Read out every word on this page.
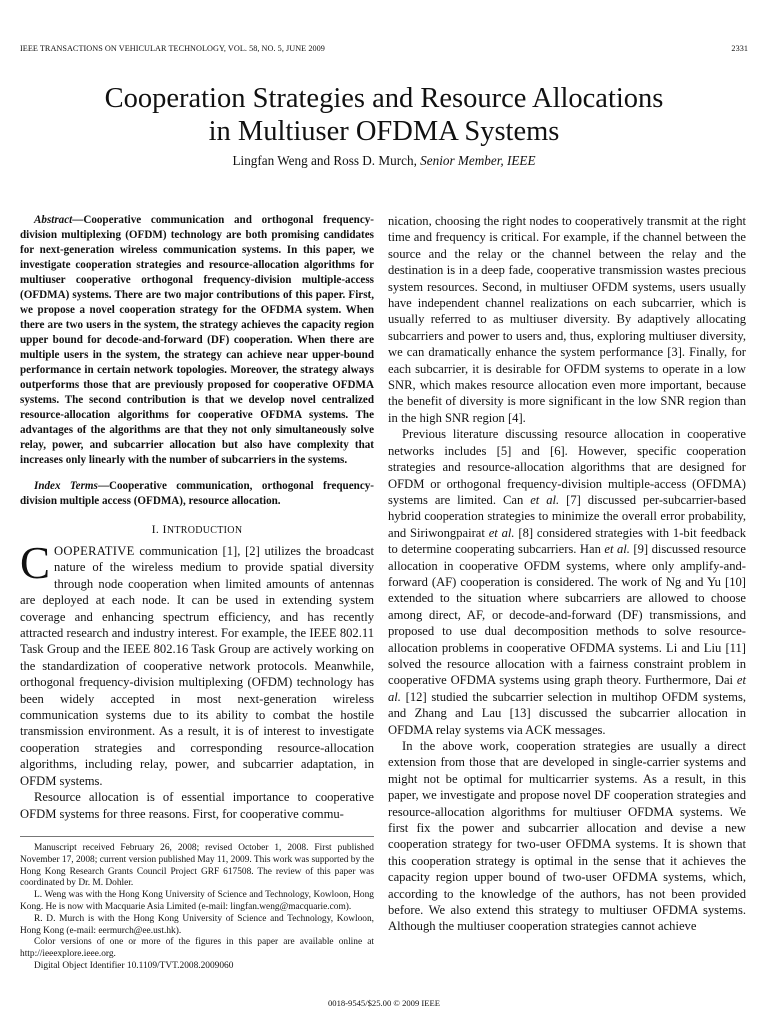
IEEE TRANSACTIONS ON VEHICULAR TECHNOLOGY, VOL. 58, NO. 5, JUNE 2009	2331
Cooperation Strategies and Resource Allocations
in Multiuser OFDMA Systems
Lingfan Weng and Ross D. Murch, Senior Member, IEEE

Abstract—Cooperative communication and orthogonal frequency-division multiplexing (OFDM) technology are both promising candidates for next-generation wireless communication systems. In this paper, we investigate cooperation strategies and resource-allocation algorithms for multiuser cooperative orthogonal frequency-division multiple-access (OFDMA) systems. There are two major contributions of this paper. First, we propose a novel cooperation strategy for the OFDMA system. When there are two users in the system, the strategy achieves the capacity region upper bound for decode-and-forward (DF) cooperation. When there are multiple users in the system, the strategy can achieve near upper-bound performance in certain network topologies. Moreover, the strategy always outperforms those that are previously proposed for cooperative OFDMA systems. The second contribution is that we develop novel centralized resource-allocation algorithms for cooperative OFDMA systems. The advantages of the algorithms are that they not only simultaneously solve relay, power, and subcarrier allocation but also have complexity that increases only linearly with the number of subcarriers in the systems.

Index Terms—Cooperative communication, orthogonal frequency-division multiple access (OFDMA), resource allocation.

I. INTRODUCTION

COOPERATIVE communication [1], [2] utilizes the broadcast nature of the wireless medium to provide spatial diversity through node cooperation when limited amounts of antennas are deployed at each node. It can be used in extending system coverage and enhancing spectrum efficiency, and has recently attracted research and industry interest. For example, the IEEE 802.11 Task Group and the IEEE 802.16 Task Group are actively working on the standardization of cooperative network protocols. Meanwhile, orthogonal frequency-division multiplexing (OFDM) technology has been widely accepted in most next-generation wireless communication systems due to its ability to combat the hostile transmission environment. As a result, it is of interest to investigate cooperation strategies and corresponding resource-allocation algorithms, including relay, power, and subcarrier adaptation, in OFDM systems.

Resource allocation is of essential importance to cooperative OFDM systems for three reasons. First, for cooperative commu-

Manuscript received February 26, 2008; revised October 1, 2008. First published November 17, 2008; current version published May 11, 2009. This work was supported by the Hong Kong Research Grants Council Project GRF 617508. The review of this paper was coordinated by Dr. M. Dohler.

L. Weng was with the Hong Kong University of Science and Technology, Kowloon, Hong Kong. He is now with Macquarie Asia Limited (e-mail: lingfan.weng@macquarie.com).

R. D. Murch is with the Hong Kong University of Science and Technology, Kowloon, Hong Kong (e-mail: eermurch@ee.ust.hk).

Color versions of one or more of the figures in this paper are available online at http://ieeexplore.ieee.org.

Digital Object Identifier 10.1109/TVT.2008.2009060

nication, choosing the right nodes to cooperatively transmit at the right time and frequency is critical. For example, if the channel between the source and the relay or the channel between the relay and the destination is in a deep fade, cooperative transmission wastes precious system resources. Second, in multiuser OFDM systems, users usually have independent channel realizations on each subcarrier, which is usually referred to as multiuser diversity. By adaptively allocating subcarriers and power to users and, thus, exploring multiuser diversity, we can dramatically enhance the system performance [3]. Finally, for each subcarrier, it is desirable for OFDM systems to operate in a low SNR, which makes resource allocation even more important, because the benefit of diversity is more significant in the low SNR region than in the high SNR region [4].

Previous literature discussing resource allocation in cooperative networks includes [5] and [6]. However, specific cooperation strategies and resource-allocation algorithms that are designed for OFDM or orthogonal frequency-division multiple-access (OFDMA) systems are limited. Can et al. [7] discussed per-subcarrier-based hybrid cooperation strategies to minimize the overall error probability, and Siriwongpairat et al. [8] considered strategies with 1-bit feedback to determine cooperating subcarriers. Han et al. [9] discussed resource allocation in cooperative OFDM systems, where only amplify-and-forward (AF) cooperation is considered. The work of Ng and Yu [10] extended to the situation where subcarriers are allowed to choose among direct, AF, or decode-and-forward (DF) transmissions, and proposed to use dual decomposition methods to solve resource-allocation problems in cooperative OFDMA systems. Li and Liu [11] solved the resource allocation with a fairness constraint problem in cooperative OFDMA systems using graph theory. Furthermore, Dai et al. [12] studied the subcarrier selection in multihop OFDM systems, and Zhang and Lau [13] discussed the subcarrier allocation in OFDMA relay systems via ACK messages.

In the above work, cooperation strategies are usually a direct extension from those that are developed in single-carrier systems and might not be optimal for multicarrier systems. As a result, in this paper, we investigate and propose novel DF cooperation strategies and resource-allocation algorithms for multiuser OFDMA systems. We first fix the power and subcarrier allocation and devise a new cooperation strategy for two-user OFDMA systems. It is shown that this cooperation strategy is optimal in the sense that it achieves the capacity region upper bound of two-user OFDMA systems, which, according to the knowledge of the authors, has not been provided before. We also extend this strategy to multiuser OFDMA systems. Although the multiuser cooperation strategies cannot achieve

0018-9545/$25.00 © 2009 IEEE
